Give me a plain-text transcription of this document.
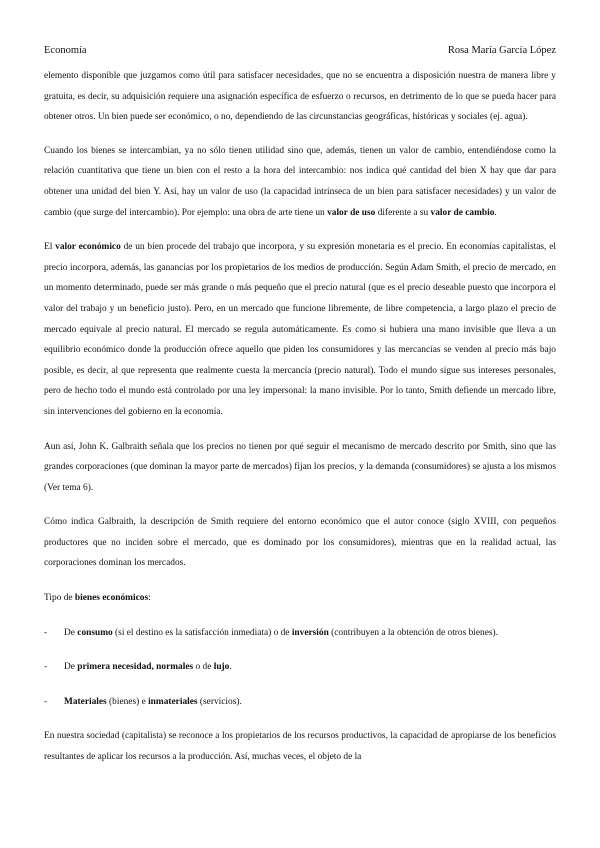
Economía	Rosa María García López

elemento disponible que juzgamos como útil para satisfacer necesidades, que no se encuentra a disposición nuestra de manera libre y gratuita, es decir, su adquisición requiere una asignación específica de esfuerzo o recursos, en detrimento de lo que se pueda hacer para obtener otros. Un bien puede ser económico, o no, dependiendo de las circunstancias geográficas, históricas y sociales (ej. agua).

Cuando los bienes se intercambian, ya no sólo tienen utilidad sino que, además, tienen un valor de cambio, entendiéndose como la relación cuantitativa que tiene un bien con el resto a la hora del intercambio: nos indica qué cantidad del bien X hay que dar para obtener una unidad del bien Y. Así, hay un valor de uso (la capacidad intrínseca de un bien para satisfacer necesidades) y un valor de cambio (que surge del intercambio). Por ejemplo: una obra de arte tiene un valor de uso diferente a su valor de cambio.

El valor económico de un bien procede del trabajo que incorpora, y su expresión monetaria es el precio. En economías capitalistas, el precio incorpora, además, las ganancias por los propietarios de los medios de producción. Según Adam Smith, el precio de mercado, en un momento determinado, puede ser más grande o más pequeño que el precio natural (que es el precio deseable puesto que incorpora el valor del trabajo y un beneficio justo). Pero, en un mercado que funcione libremente, de libre competencia, a largo plazo el precio de mercado equivale al precio natural. El mercado se regula automáticamente. Es como si hubiera una mano invisible que lleva a un equilibrio económico donde la producción ofrece aquello que piden los consumidores y las mercancías se venden al precio más bajo posible, es decir, al que representa que realmente cuesta la mercancía (precio natural). Todo el mundo sigue sus intereses personales, pero de hecho todo el mundo está controlado por una ley impersonal: la mano invisible. Por lo tanto, Smith defiende un mercado libre, sin intervenciones del gobierno en la economía.

Aun así, John K. Galbraith señala que los precios no tienen por qué seguir el mecanismo de mercado descrito por Smith, sino que las grandes corporaciones (que dominan la mayor parte de mercados) fijan los precios, y la demanda (consumidores) se ajusta a los mismos (Ver tema 6).

Cómo indica Galbraith, la descripción de Smith requiere del entorno económico que el autor conoce (siglo XVIII, con pequeños productores que no inciden sobre el mercado, que es dominado por los consumidores), mientras que en la realidad actual, las corporaciones dominan los mercados.

Tipo de bienes económicos:

- De consumo (si el destino es la satisfacción inmediata) o de inversión (contribuyen a la obtención de otros bienes).
- De primera necesidad, normales o de lujo.
- Materiales (bienes) e inmateriales (servicios).

En nuestra sociedad (capitalista) se reconoce a los propietarios de los recursos productivos, la capacidad de apropiarse de los beneficios resultantes de aplicar los recursos a la producción. Así, muchas veces, el objeto de la
